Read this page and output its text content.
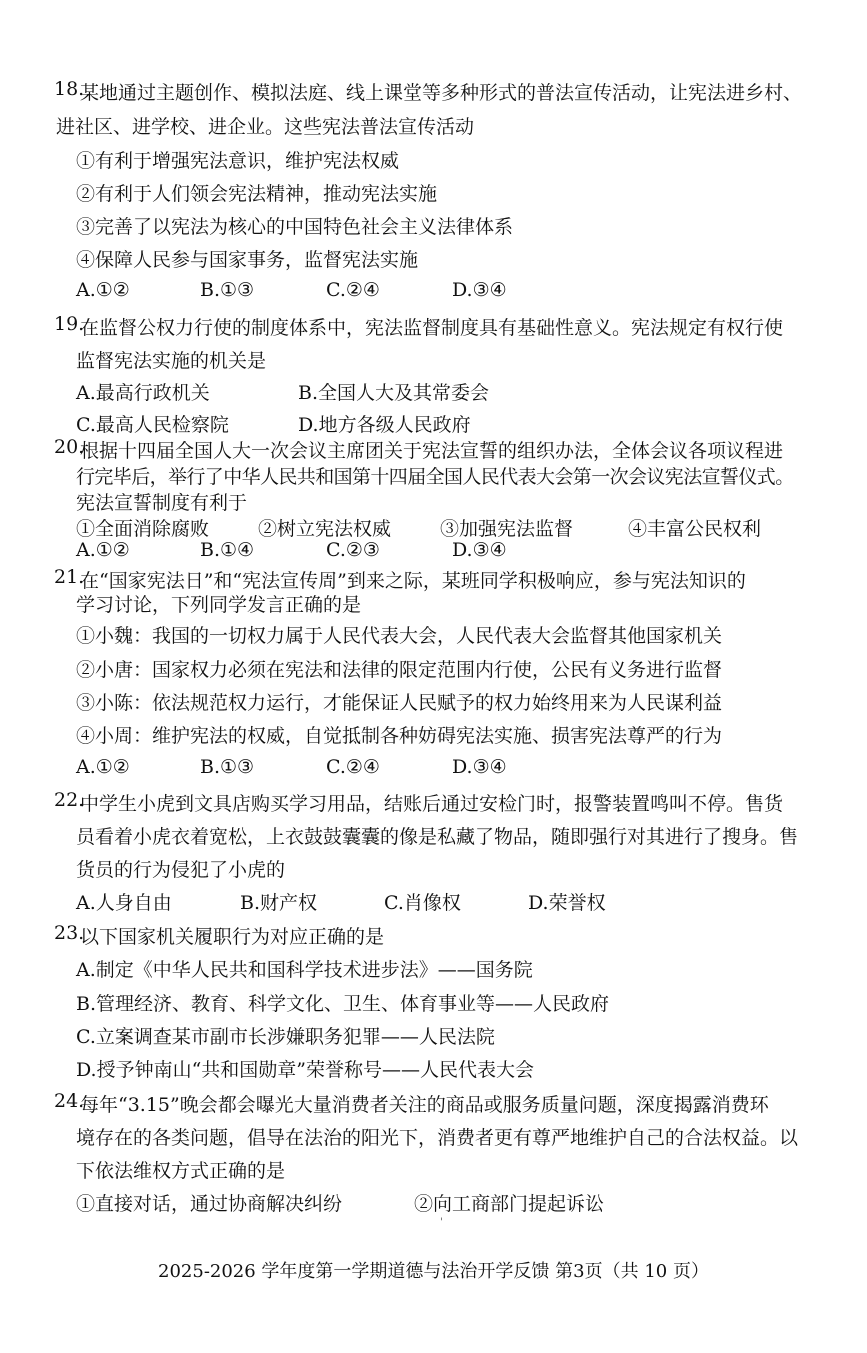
18.
某地通过主题创作、模拟法庭、线上课堂等多种形式的普法宣传活动，让宪法进乡村、
进社区、进学校、进企业。这些宪法普法宣传活动
①有利于增强宪法意识，维护宪法权威
②有利于人们领会宪法精神，推动宪法实施
③完善了以宪法为核心的中国特色社会主义法律体系
④保障人民参与国家事务，监督宪法实施
A.①②	B.①③	C.②④	D.③④
19.
在监督公权力行使的制度体系中，宪法监督制度具有基础性意义。宪法规定有权行使
监督宪法实施的机关是
A.最高行政机关	B.全国人大及其常委会
C.最高人民检察院	D.地方各级人民政府
20.
根据十四届全国人大一次会议主席团关于宪法宣誓的组织办法，全体会议各项议程进
行完毕后，举行了中华人民共和国第十四届全国人民代表大会第一次会议宪法宣誓仪式。
宪法宣誓制度有利于
①全面消除腐败	②树立宪法权威	③加强宪法监督	④丰富公民权利
A.①②	B.①④	C.②③	D.③④
21.
在“国家宪法日”和“宪法宣传周”到来之际，某班同学积极响应，参与宪法知识的
学习讨论，下列同学发言正确的是
①小魏：我国的一切权力属于人民代表大会，人民代表大会监督其他国家机关
②小唐：国家权力必须在宪法和法律的限定范围内行使，公民有义务进行监督
③小陈：依法规范权力运行，才能保证人民赋予的权力始终用来为人民谋利益
④小周：维护宪法的权威，自觉抵制各种妨碍宪法实施、损害宪法尊严的行为
A.①②	B.①③	C.②④	D.③④
22.
中学生小虎到文具店购买学习用品，结账后通过安检门时，报警装置鸣叫不停。售货
员看着小虎衣着宽松，上衣鼓鼓囊囊的像是私藏了物品，随即强行对其进行了搜身。售
货员的行为侵犯了小虎的
A.人身自由	B.财产权	C.肖像权	D.荣誉权
23.
以下国家机关履职行为对应正确的是
A.制定《中华人民共和国科学技术进步法》——国务院
B.管理经济、教育、科学文化、卫生、体育事业等——人民政府
C.立案调查某市副市长涉嫌职务犯罪——人民法院
D.授予钟南山“共和国勋章”荣誉称号——人民代表大会
24.
每年“3.15”晚会都会曝光大量消费者关注的商品或服务质量问题，深度揭露消费环
境存在的各类问题，倡导在法治的阳光下，消费者更有尊严地维护自己的合法权益。以
下依法维权方式正确的是
①直接对话，通过协商解决纠纷	②向工商部门提起诉讼
'
2025-2026 学年度第一学期道德与法治开学反馈 第3页（共 10 页）
